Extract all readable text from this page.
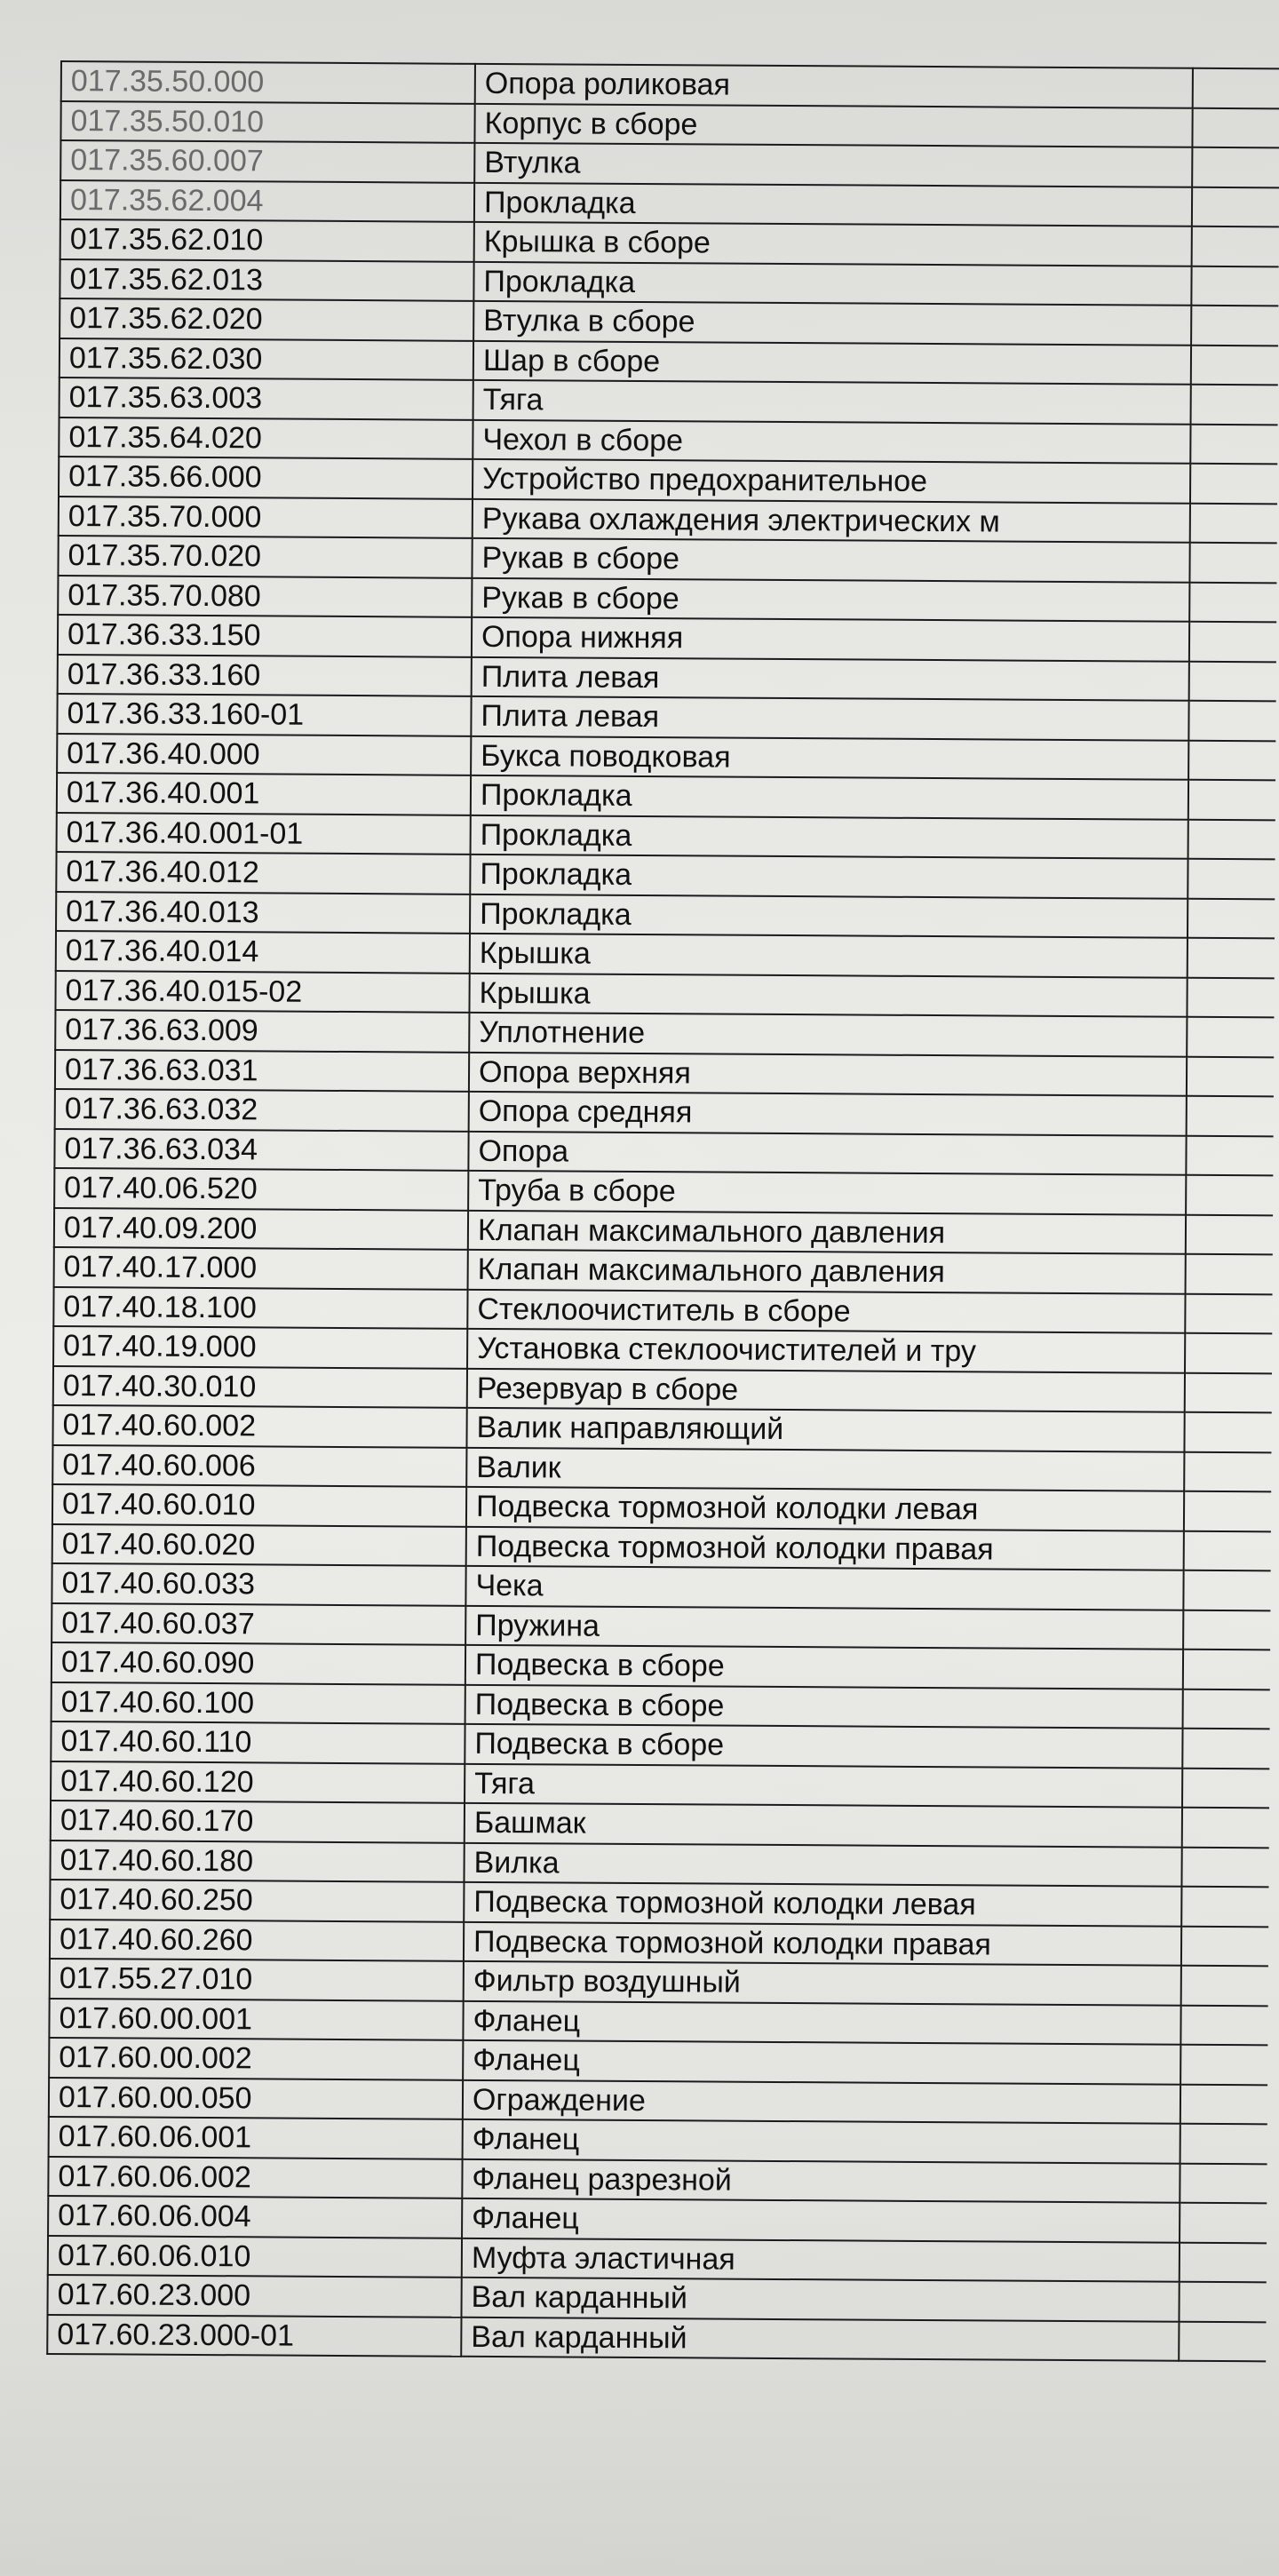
017.35.50.000	Опора роликовая	
017.35.50.010	Корпус в сборе	
017.35.60.007	Втулка	
017.35.62.004	Прокладка	
017.35.62.010	Крышка в сборе	
017.35.62.013	Прокладка	
017.35.62.020	Втулка в сборе	
017.35.62.030	Шар в сборе	
017.35.63.003	Тяга	
017.35.64.020	Чехол в сборе	
017.35.66.000	Устройство предохранительное	
017.35.70.000	Рукава охлаждения электрических м	
017.35.70.020	Рукав в сборе	
017.35.70.080	Рукав в сборе	
017.36.33.150	Опора нижняя	
017.36.33.160	Плита левая	
017.36.33.160-01	Плита левая	
017.36.40.000	Букса поводковая	
017.36.40.001	Прокладка	
017.36.40.001-01	Прокладка	
017.36.40.012	Прокладка	
017.36.40.013	Прокладка	
017.36.40.014	Крышка	
017.36.40.015-02	Крышка	
017.36.63.009	Уплотнение	
017.36.63.031	Опора верхняя	
017.36.63.032	Опора средняя	
017.36.63.034	Опора	
017.40.06.520	Труба в сборе	
017.40.09.200	Клапан максимального давления	
017.40.17.000	Клапан максимального давления	
017.40.18.100	Стеклоочиститель в сборе	
017.40.19.000	Установка стеклоочистителей и тру	
017.40.30.010	Резервуар в сборе	
017.40.60.002	Валик направляющий	
017.40.60.006	Валик	
017.40.60.010	Подвеска тормозной колодки левая	
017.40.60.020	Подвеска тормозной колодки правая	
017.40.60.033	Чека	
017.40.60.037	Пружина	
017.40.60.090	Подвеска в сборе	
017.40.60.100	Подвеска в сборе	
017.40.60.110	Подвеска в сборе	
017.40.60.120	Тяга	
017.40.60.170	Башмак	
017.40.60.180	Вилка	
017.40.60.250	Подвеска тормозной колодки левая	
017.40.60.260	Подвеска тормозной колодки правая	
017.55.27.010	Фильтр воздушный	
017.60.00.001	Фланец	
017.60.00.002	Фланец	
017.60.00.050	Ограждение	
017.60.06.001	Фланец	
017.60.06.002	Фланец разрезной	
017.60.06.004	Фланец	
017.60.06.010	Муфта эластичная	
017.60.23.000	Вал карданный	
017.60.23.000-01	Вал карданный	
